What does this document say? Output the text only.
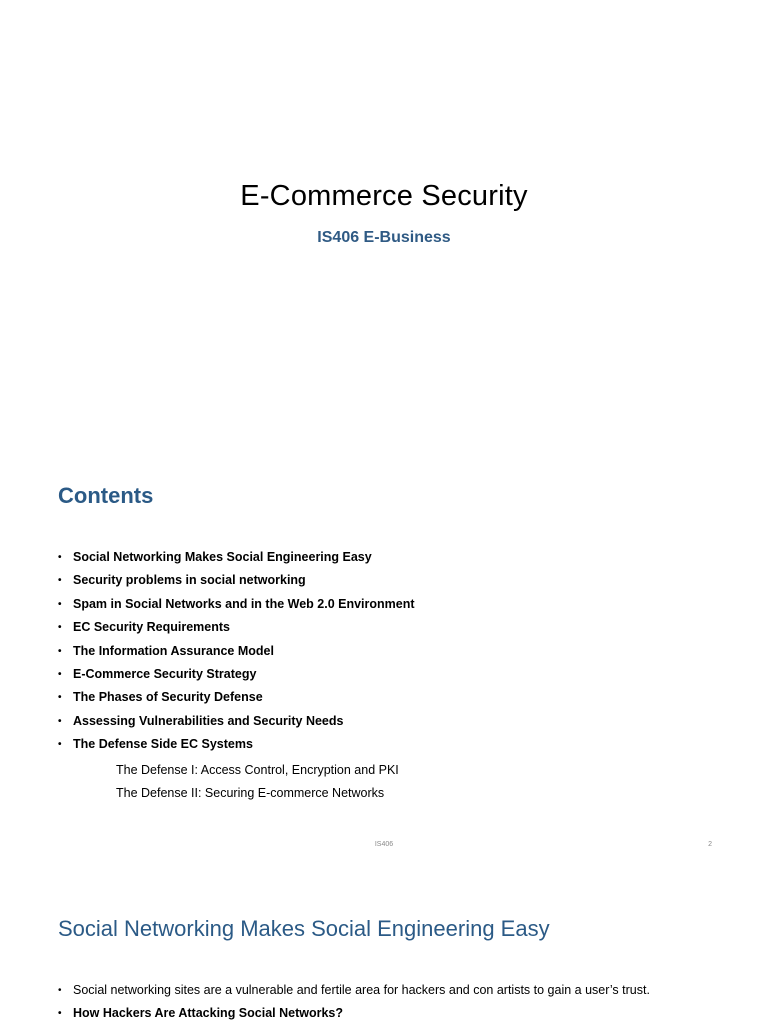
E-Commerce Security
IS406 E-Business
Contents
• Social Networking Makes Social Engineering Easy
• Security problems in social networking
• Spam in Social Networks and in the Web 2.0 Environment
• EC Security Requirements
• The Information Assurance Model
• E-Commerce Security Strategy
• The Phases of Security Defense
• Assessing Vulnerabilities and Security Needs
• The Defense Side EC Systems
The Defense I: Access Control, Encryption and PKI
The Defense II: Securing E-commerce Networks
IS406	2
Social Networking Makes Social Engineering Easy
• Social networking sites are a vulnerable and fertile area for hackers and con artists to gain a user’s trust.
• How Hackers Are Attacking Social Networks?
